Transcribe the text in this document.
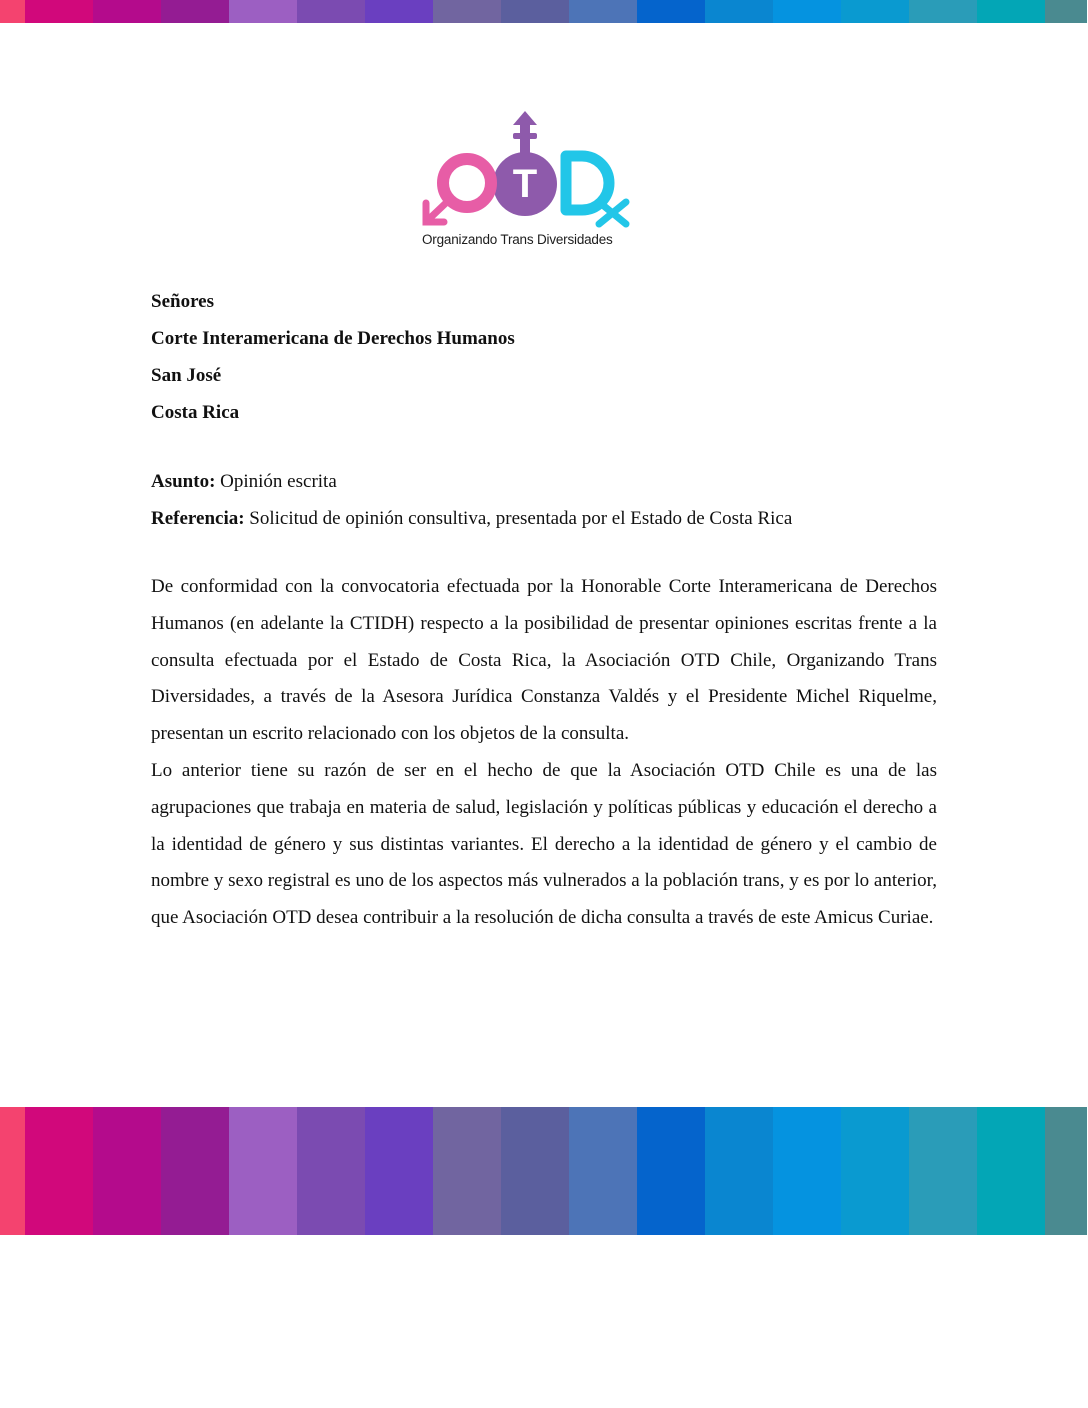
T
Organizando Trans Diversidades
Señores
Corte Interamericana de Derechos Humanos
San José
Costa Rica
Asunto: Opinión escrita
Referencia: Solicitud de opinión consultiva, presentada por el Estado de Costa Rica

De conformidad con la convocatoria efectuada por la Honorable Corte Interamericana de Derechos Humanos (en adelante la CTIDH) respecto a la posibilidad de presentar opiniones escritas frente a la consulta efectuada por el Estado de Costa Rica, la Asociación OTD Chile, Organizando Trans Diversidades, a través de la Asesora Jurídica Constanza Valdés y el Presidente Michel Riquelme, presentan un escrito relacionado con los objetos de la consulta.

Lo anterior tiene su razón de ser en el hecho de que la Asociación OTD Chile es una de las agrupaciones que trabaja en materia de salud, legislación y políticas públicas y educación el derecho a la identidad de género y sus distintas variantes. El derecho a la identidad de género y el cambio de nombre y sexo registral es uno de los aspectos más vulnerados a la población trans, y es por lo anterior, que Asociación OTD desea contribuir a la resolución de dicha consulta a través de este Amicus Curiae.
